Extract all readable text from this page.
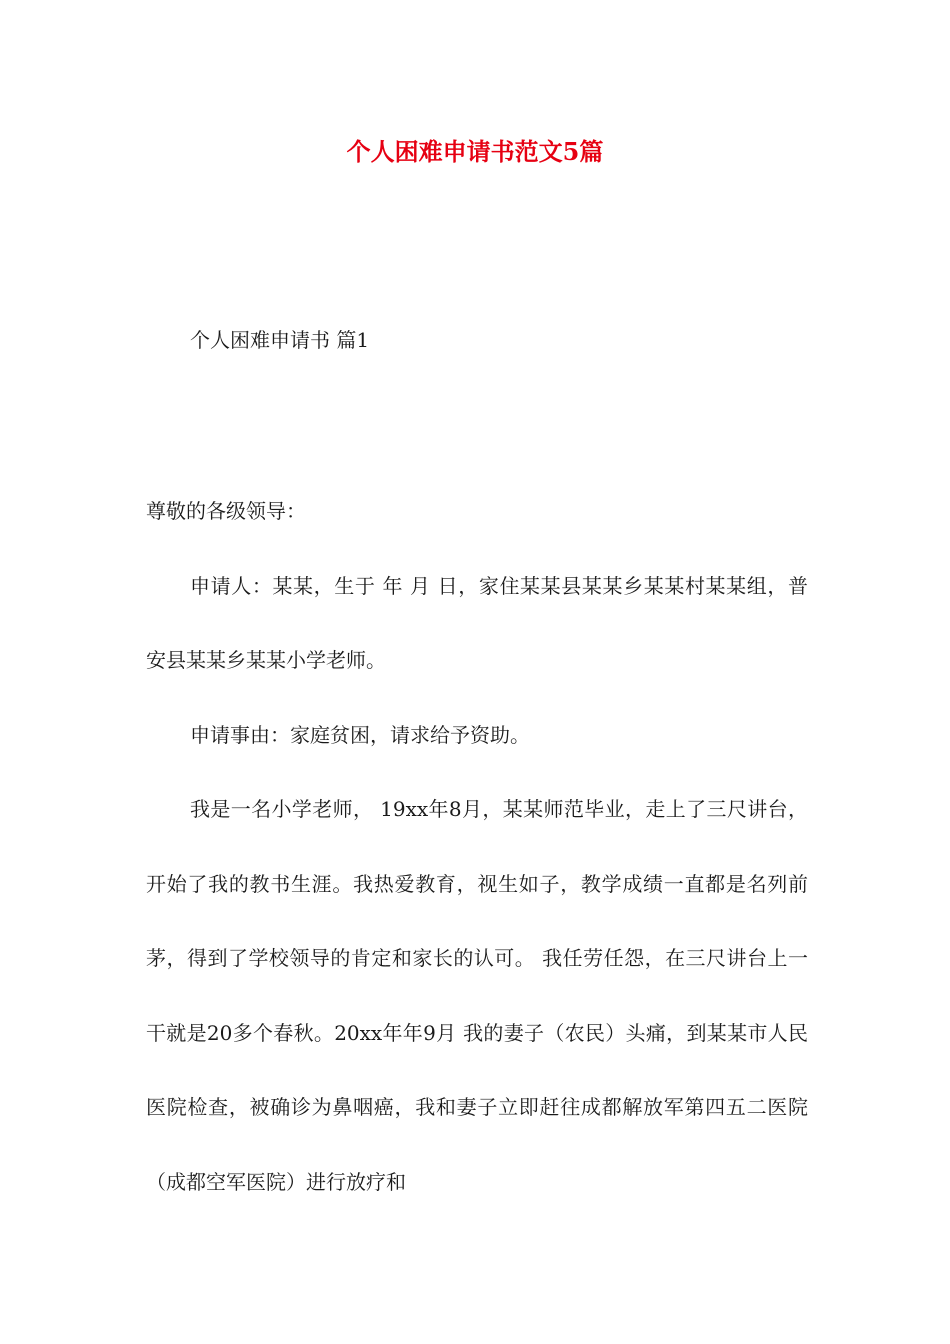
个人困难申请书范文5篇
个人困难申请书 篇1

尊敬的各级领导：

申请人：某某，生于 年 月 日，家住某某县某某乡某某村某某组，普安县某某乡某某小学老师。

申请事由：家庭贫困，请求给予资助。

我是一名小学老师， 19xx年8月，某某师范毕业，走上了三尺讲台，开始了我的教书生涯。我热爱教育，视生如子，教学成绩一直都是名列前茅，得到了学校领导的肯定和家长的认可。 我任劳任怨，在三尺讲台上一干就是20多个春秋。20xx年年9月 我的妻子（农民）头痛，到某某市人民医院检查，被确诊为鼻咽癌，我和妻子立即赶往成都解放军第四五二医院（成都空军医院）进行放疗和
